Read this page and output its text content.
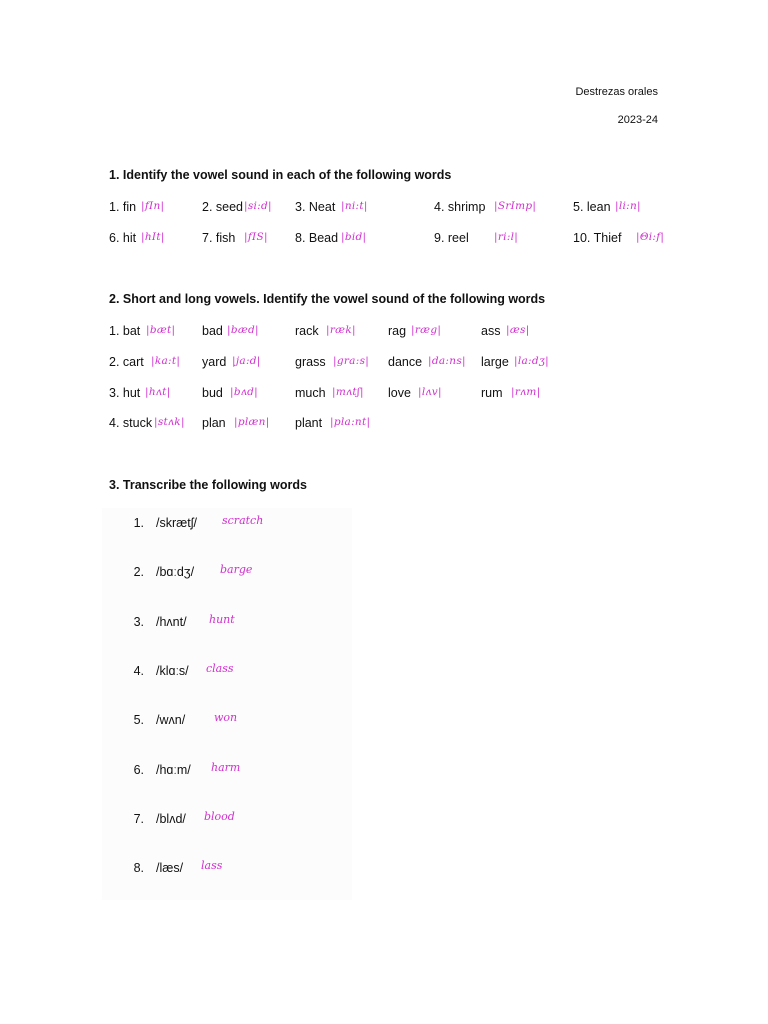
Destrezas orales
2023-24
1. Identify the vowel sound in each of the following words
1. fin |fIn|	2. seed |si:d| 3. Neat |ni:t|	4. shrimp |SrImp|	5. lean |li:n|
6. hit |hIt|	7. fish |fIS| 8. Bead |bid|	9. reel |ri:l|	10. Thief |Θi:f|
2. Short and long vowels. Identify the vowel sound of the following words
1. bat |bæt| bad |bæd|	rack |ræk|	rag |ræg|	ass |æs|
2. cart |ka:t| yard |ja:d|	grass |gra:s| dance |da:ns| large |la:dʒ|
3. hut |hʌt|	bud |bʌd|	much |mʌtʃ| love |lʌv|	rum |rʌm|
4. stuck |stʌk| plan |plæn| plant |pla:nt|
3. Transcribe the following words
1. /skrætʃ/ scratch
2. /bɑːdʒ/ barge
3. /hʌnt/ hunt
4. /klɑːs/ class
5. /wʌn/	won
6. /hɑːm/ harm
7. /blʌd/ blood
8. /læs/ lass
